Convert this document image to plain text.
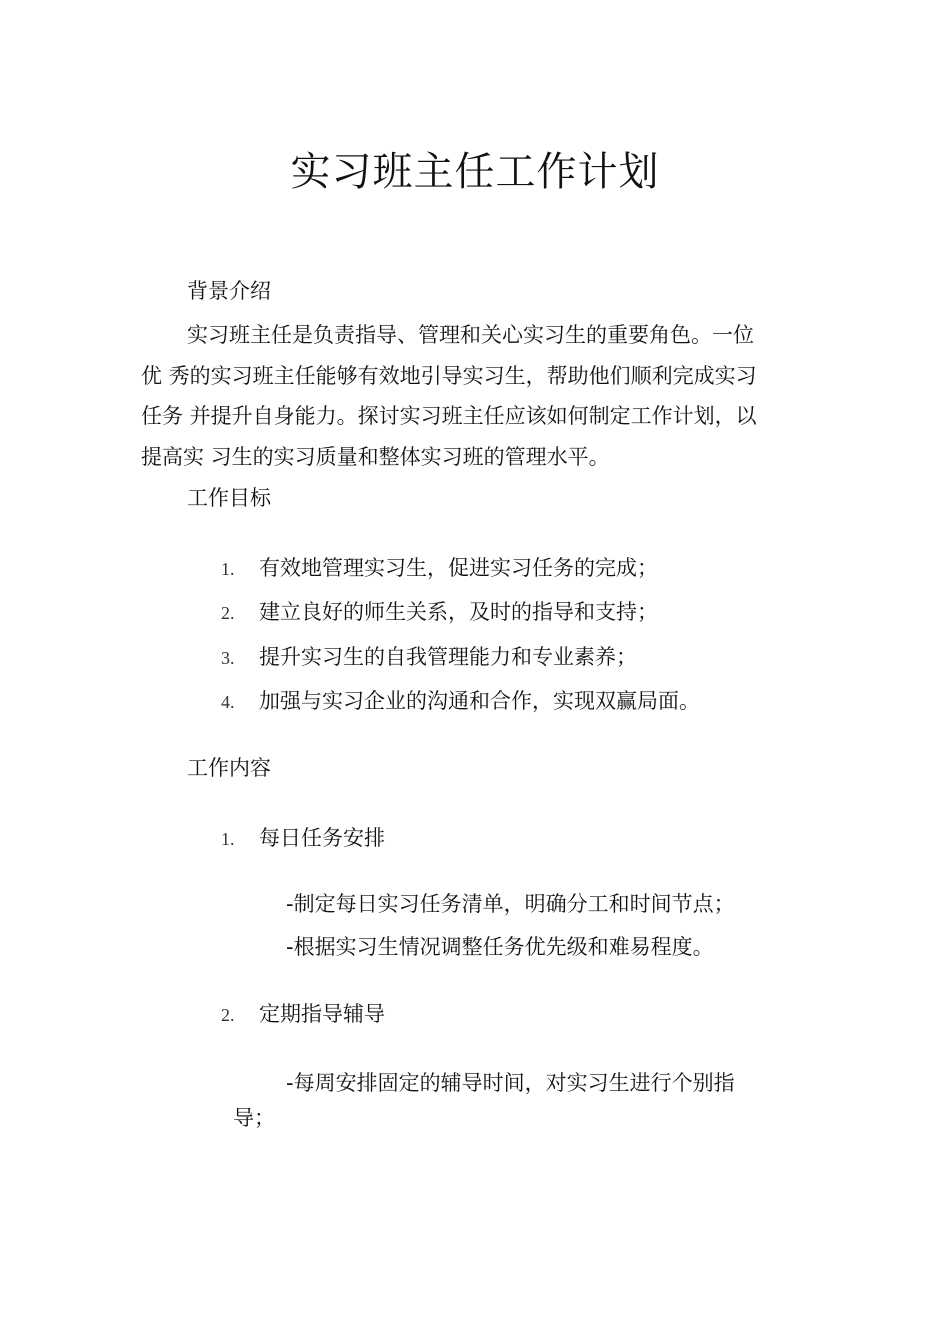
实习班主任工作计划
背景介绍
实习班主任是负责指导、管理和关心实习生的重要角色。一位
优 秀的实习班主任能够有效地引导实习生，帮助他们顺利完成实习
任务 并提升自身能力。探讨实习班主任应该如何制定工作计划，以
提高实 习生的实习质量和整体实习班的管理水平。
工作目标
1. 有效地管理实习生，促进实习任务的完成；
2. 建立良好的师生关系，及时的指导和支持；
3. 提升实习生的自我管理能力和专业素养；
4. 加强与实习企业的沟通和合作，实现双赢局面。
工作内容
1. 每日任务安排
-制定每日实习任务清单，明确分工和时间节点；
-根据实习生情况调整任务优先级和难易程度。
2. 定期指导辅导
-每周安排固定的辅导时间，对实习生进行个别指
导；
